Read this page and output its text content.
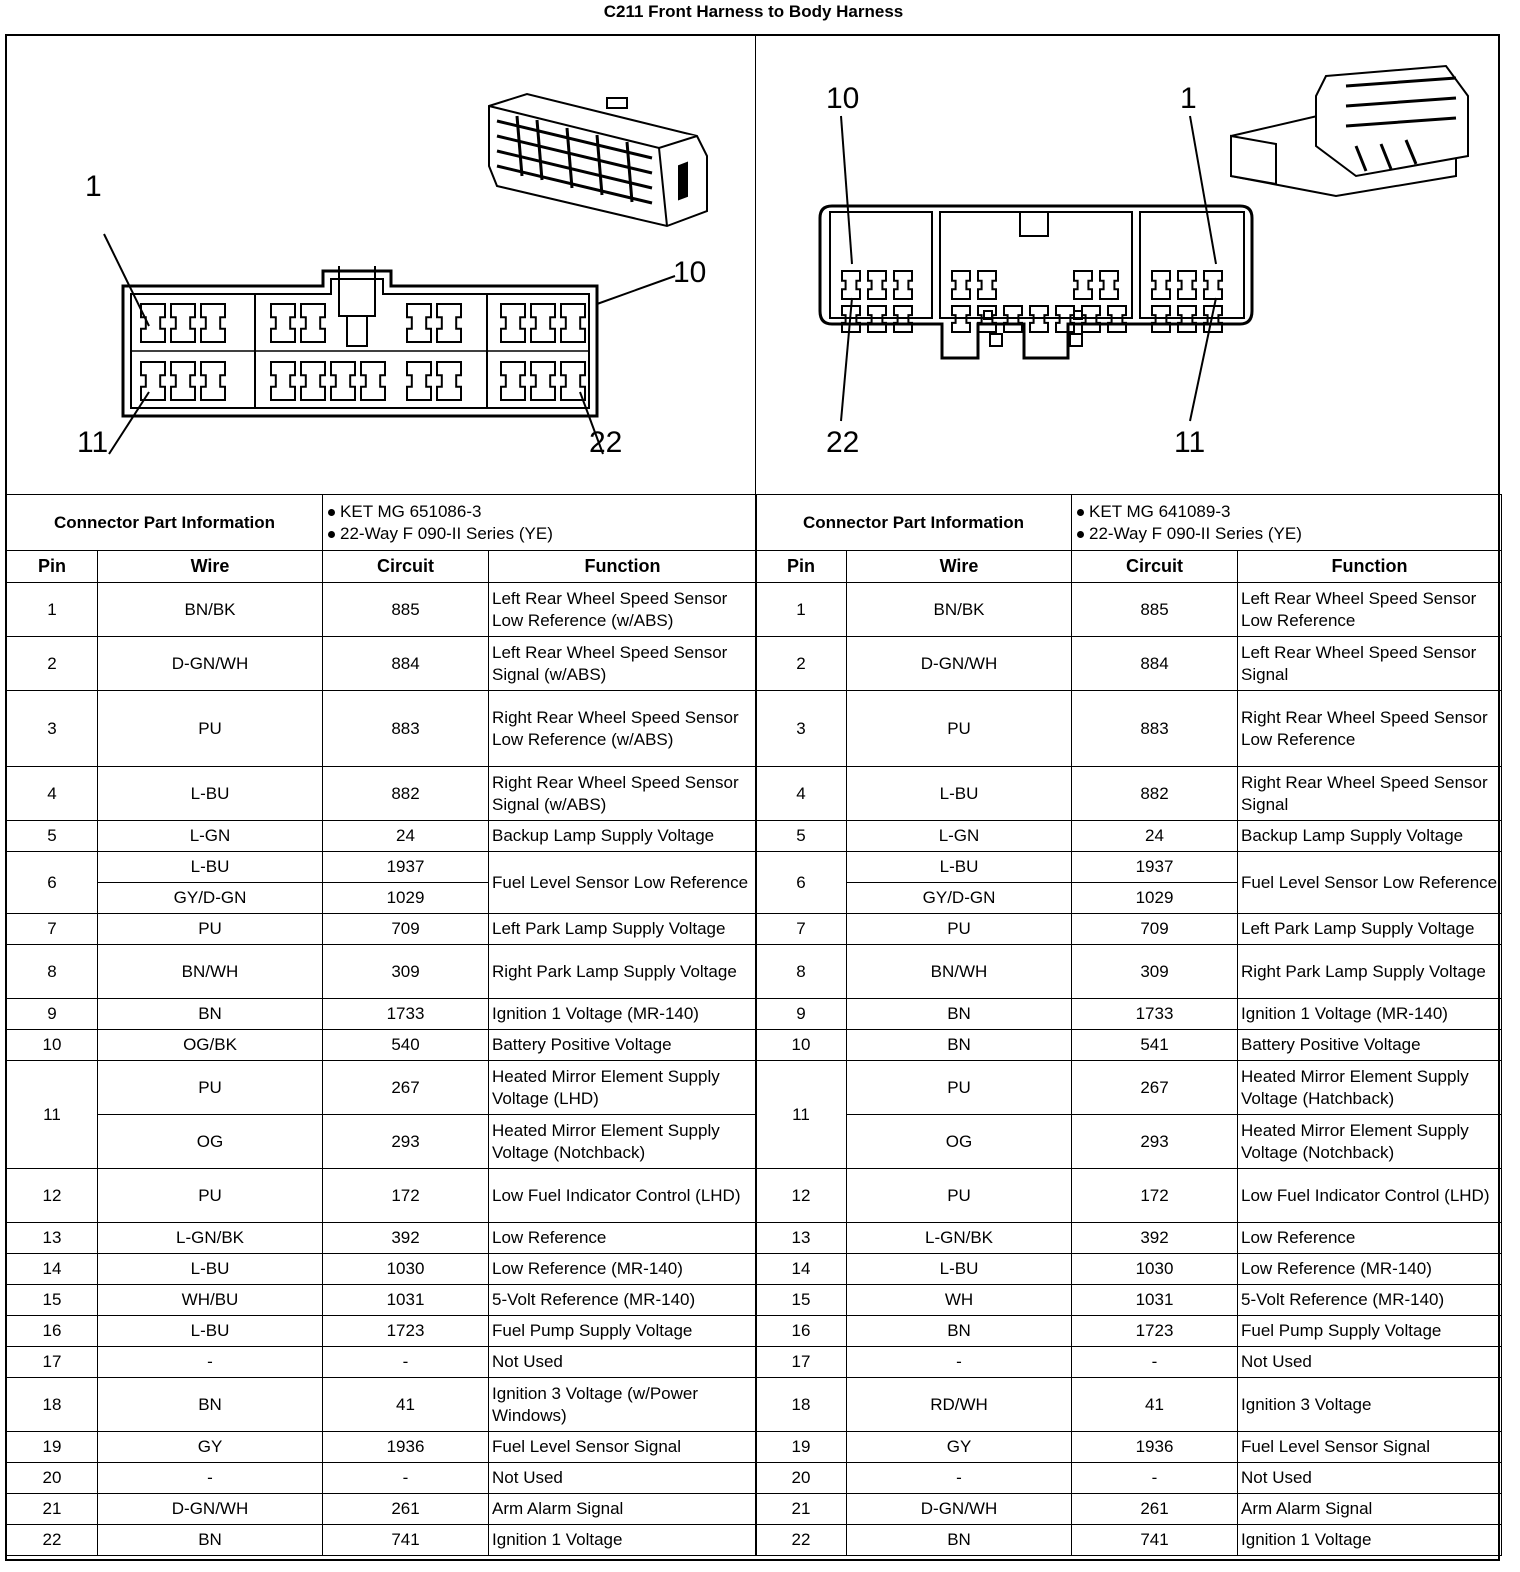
C211 Front Harness to Body Harness
1
10
11	22
10	1
22	11
Connector Part Information		KET MG 651086-3
22-Way F 090-II Series (YE)	

Pin	Wire	Circuit	Function
1	BN/BK	885	Left Rear Wheel Speed Sensor Low Reference (w/ABS)
2	D-GN/WH	884	Left Rear Wheel Speed Sensor Signal (w/ABS)
3	PU	883	Right Rear Wheel Speed Sensor Low Reference (w/ABS)
4	L-BU	882	Right Rear Wheel Speed Sensor Signal (w/ABS)
5	L-GN	24	Backup Lamp Supply Voltage
6	L-BU	1937	Fuel Level Sensor Low Reference
	GY/D-GN	1029	
7	PU	709	Left Park Lamp Supply Voltage
8	BN/WH	309	Right Park Lamp Supply Voltage
9	BN	1733	Ignition 1 Voltage (MR-140)
10	OG/BK	540	Battery Positive Voltage
11	PU	267	Heated Mirror Element Supply Voltage (LHD)
	OG	293	Heated Mirror Element Supply Voltage (Notchback)
12	PU	172	Low Fuel Indicator Control (LHD)
13	L-GN/BK	392	Low Reference
14	L-BU	1030	Low Reference (MR-140)
15	WH/BU	1031	5-Volt Reference (MR-140)
16	L-BU	1723	Fuel Pump Supply Voltage
17	-	-	Not Used
18	BN	41	Ignition 3 Voltage (w/Power Windows)
19	GY	1936	Fuel Level Sensor Signal
20	-	-	Not Used
21	D-GN/WH	261	Arm Alarm Signal
22	BN	741	Ignition 1 Voltage
Connector Part Information		KET MG 641089-3
22-Way F 090-II Series (YE)	

Pin	Wire	Circuit	Function
1	BN/BK	885	Left Rear Wheel Speed Sensor Low Reference
2	D-GN/WH	884	Left Rear Wheel Speed Sensor Signal
3	PU	883	Right Rear Wheel Speed Sensor Low Reference
4	L-BU	882	Right Rear Wheel Speed Sensor Signal
5	L-GN	24	Backup Lamp Supply Voltage
6	L-BU	1937	Fuel Level Sensor Low Reference
	GY/D-GN	1029	
7	PU	709	Left Park Lamp Supply Voltage
8	BN/WH	309	Right Park Lamp Supply Voltage
9	BN	1733	Ignition 1 Voltage (MR-140)
10	BN	541	Battery Positive Voltage
11	PU	267	Heated Mirror Element Supply Voltage (Hatchback)
	OG	293	Heated Mirror Element Supply Voltage (Notchback)
12	PU	172	Low Fuel Indicator Control (LHD)
13	L-GN/BK	392	Low Reference
14	L-BU	1030	Low Reference (MR-140)
15	WH	1031	5-Volt Reference (MR-140)
16	BN	1723	Fuel Pump Supply Voltage
17	-	-	Not Used
18	RD/WH	41	Ignition 3 Voltage
19	GY	1936	Fuel Level Sensor Signal
20	-	-	Not Used
21	D-GN/WH	261	Arm Alarm Signal
22	BN	741	Ignition 1 Voltage
